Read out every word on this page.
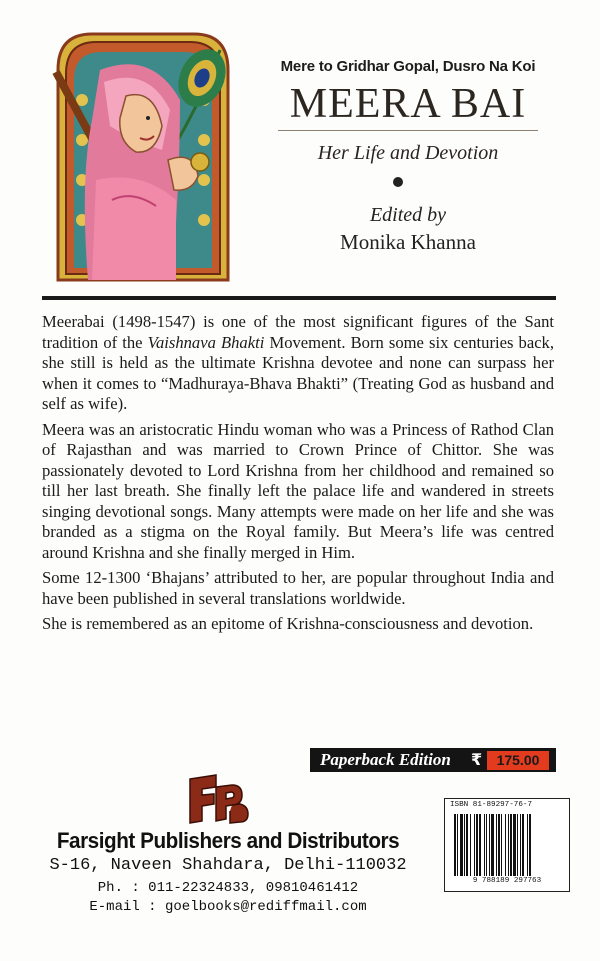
Mere to Gridhar Gopal, Dusro Na Koi
MEERA BAI
Her Life and Devotion
Edited by
Monika Khanna

Meerabai (1498-1547) is one of the most significant figures of the Sant tradition of the Vaishnava Bhakti Movement. Born some six centuries back, she still is held as the ultimate Krishna devotee and none can surpass her when it comes to “Madhuraya-Bhava Bhakti” (Treating God as husband and self as wife).

Meera was an aristocratic Hindu woman who was a Princess of Rathod Clan of Rajasthan and was married to Crown Prince of Chittor. She was passionately devoted to Lord Krishna from her childhood and remained so till her last breath. She finally left the palace life and wandered in streets singing devotional songs. Many attempts were made on her life and she was branded as a stigma on the Royal family. But Meera’s life was centred around Krishna and she finally merged in Him.

Some 12-1300 ‘Bhajans’ attributed to her, are popular throughout India and have been published in several translations worldwide.

She is remembered as an epitome of Krishna-consciousness and devotion.

Paperback Edition ₹	175.00
FPD
ISBN 81-89297-76-7
9 788189 297763
Farsight Publishers and Distributors
S-16, Naveen Shahdara, Delhi-110032
Ph. : 011-22324833, 09810461412
E-mail : goelbooks@rediffmail.com
